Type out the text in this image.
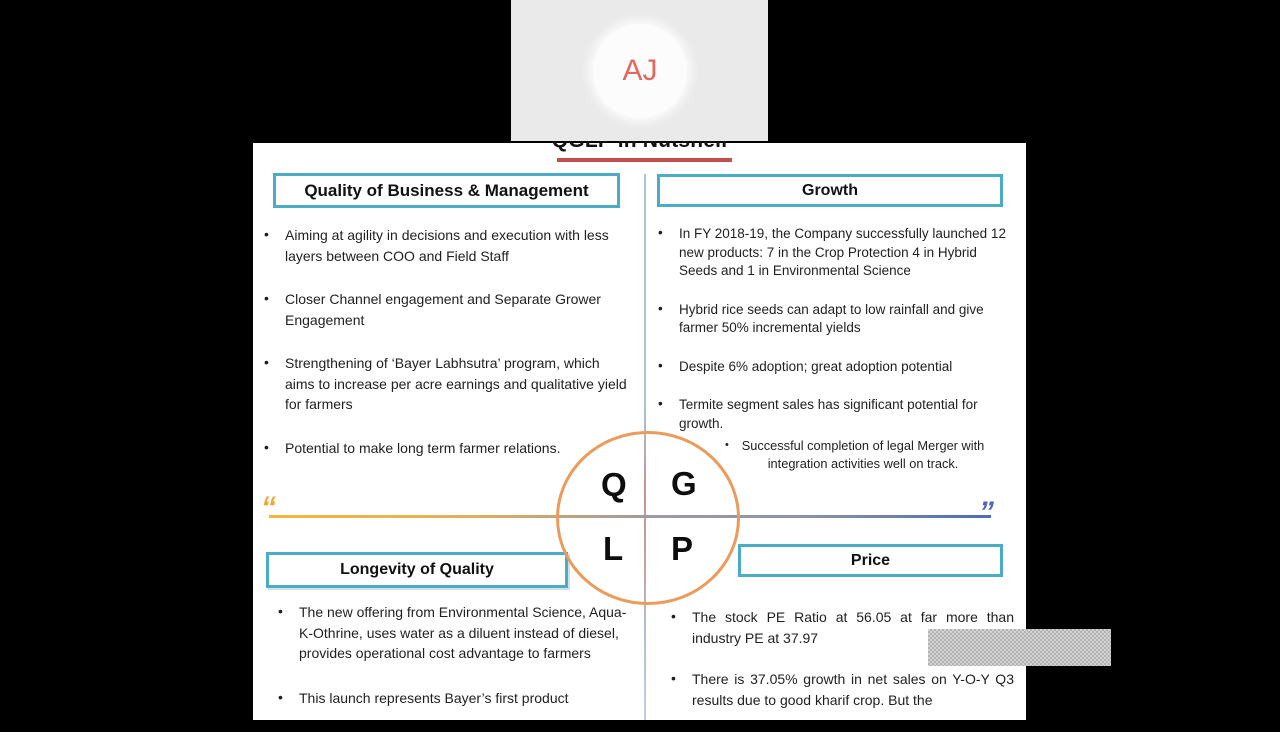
“	”
Quality of Business & Management	Growth
Longevity of Quality
Price
• Aiming at agility in decisions and execution with less layers between COO and Field Staff
• Closer Channel engagement and Separate Grower Engagement
• Strengthening of ‘Bayer Labhsutra’ program, which aims to increase per acre earnings and qualitative yield for farmers
• Potential to make long term farmer relations.
• In FY 2018-19, the Company successfully launched 12 new products: 7 in the Crop Protection 4 in Hybrid Seeds and 1 in Environmental Science
• Hybrid rice seeds can adapt to low rainfall and give farmer 50% incremental yields
• Despite 6% adoption; great adoption potential
• Termite segment sales has significant potential for growth.
• Successful completion of legal Merger with integration activities well on track.
• The new offering from Environmental Science, Aqua-K-Othrine, uses water as a diluent instead of diesel, provides operational cost advantage to farmers
• This launch represents Bayer’s first product
• The stock PE Ratio at 56.05 at far more than industry PE at 37.97
• There is 37.05% growth in net sales on Y-O-Y Q3 results due to good kharif crop. But the
Q G
L P
AJ
